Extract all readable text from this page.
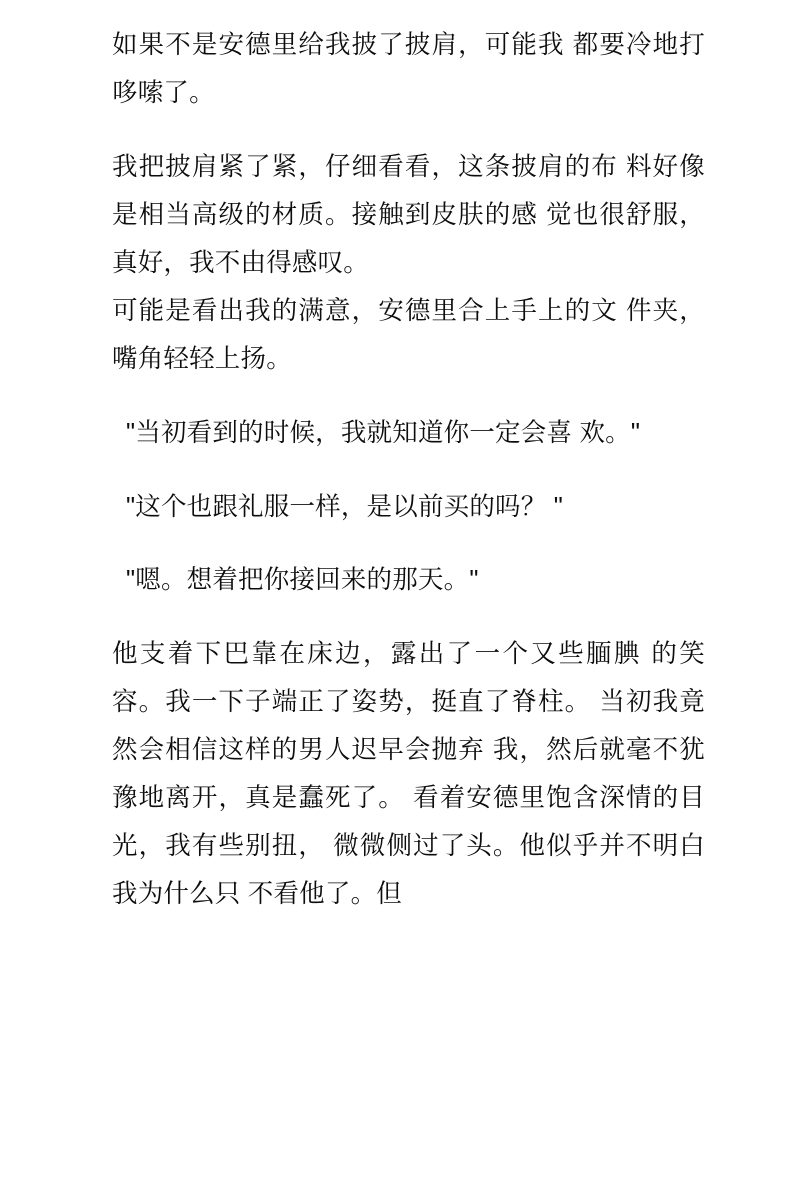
如果不是安德里给我披了披肩，可能我 都要冷地打哆嗦了。

我把披肩紧了紧，仔细看看，这条披肩的布 料好像是相当高级的材质。接触到皮肤的感 觉也很舒服，真好，我不由得感叹。

可能是看出我的满意，安德里合上手上的文 件夹，嘴角轻轻上扬。

"当初看到的时候，我就知道你一定会喜 欢。"

"这个也跟礼服一样，是以前买的吗？ "

"嗯。想着把你接回来的那天。"

他支着下巴靠在床边，露出了一个又些腼腆 的笑容。我一下子端正了姿势，挺直了脊柱。 当初我竟然会相信这样的男人迟早会抛弃 我，然后就毫不犹豫地离开，真是蠢死了。 看着安德里饱含深情的目光，我有些别扭， 微微侧过了头。他似乎并不明白我为什么只 不看他了。但
